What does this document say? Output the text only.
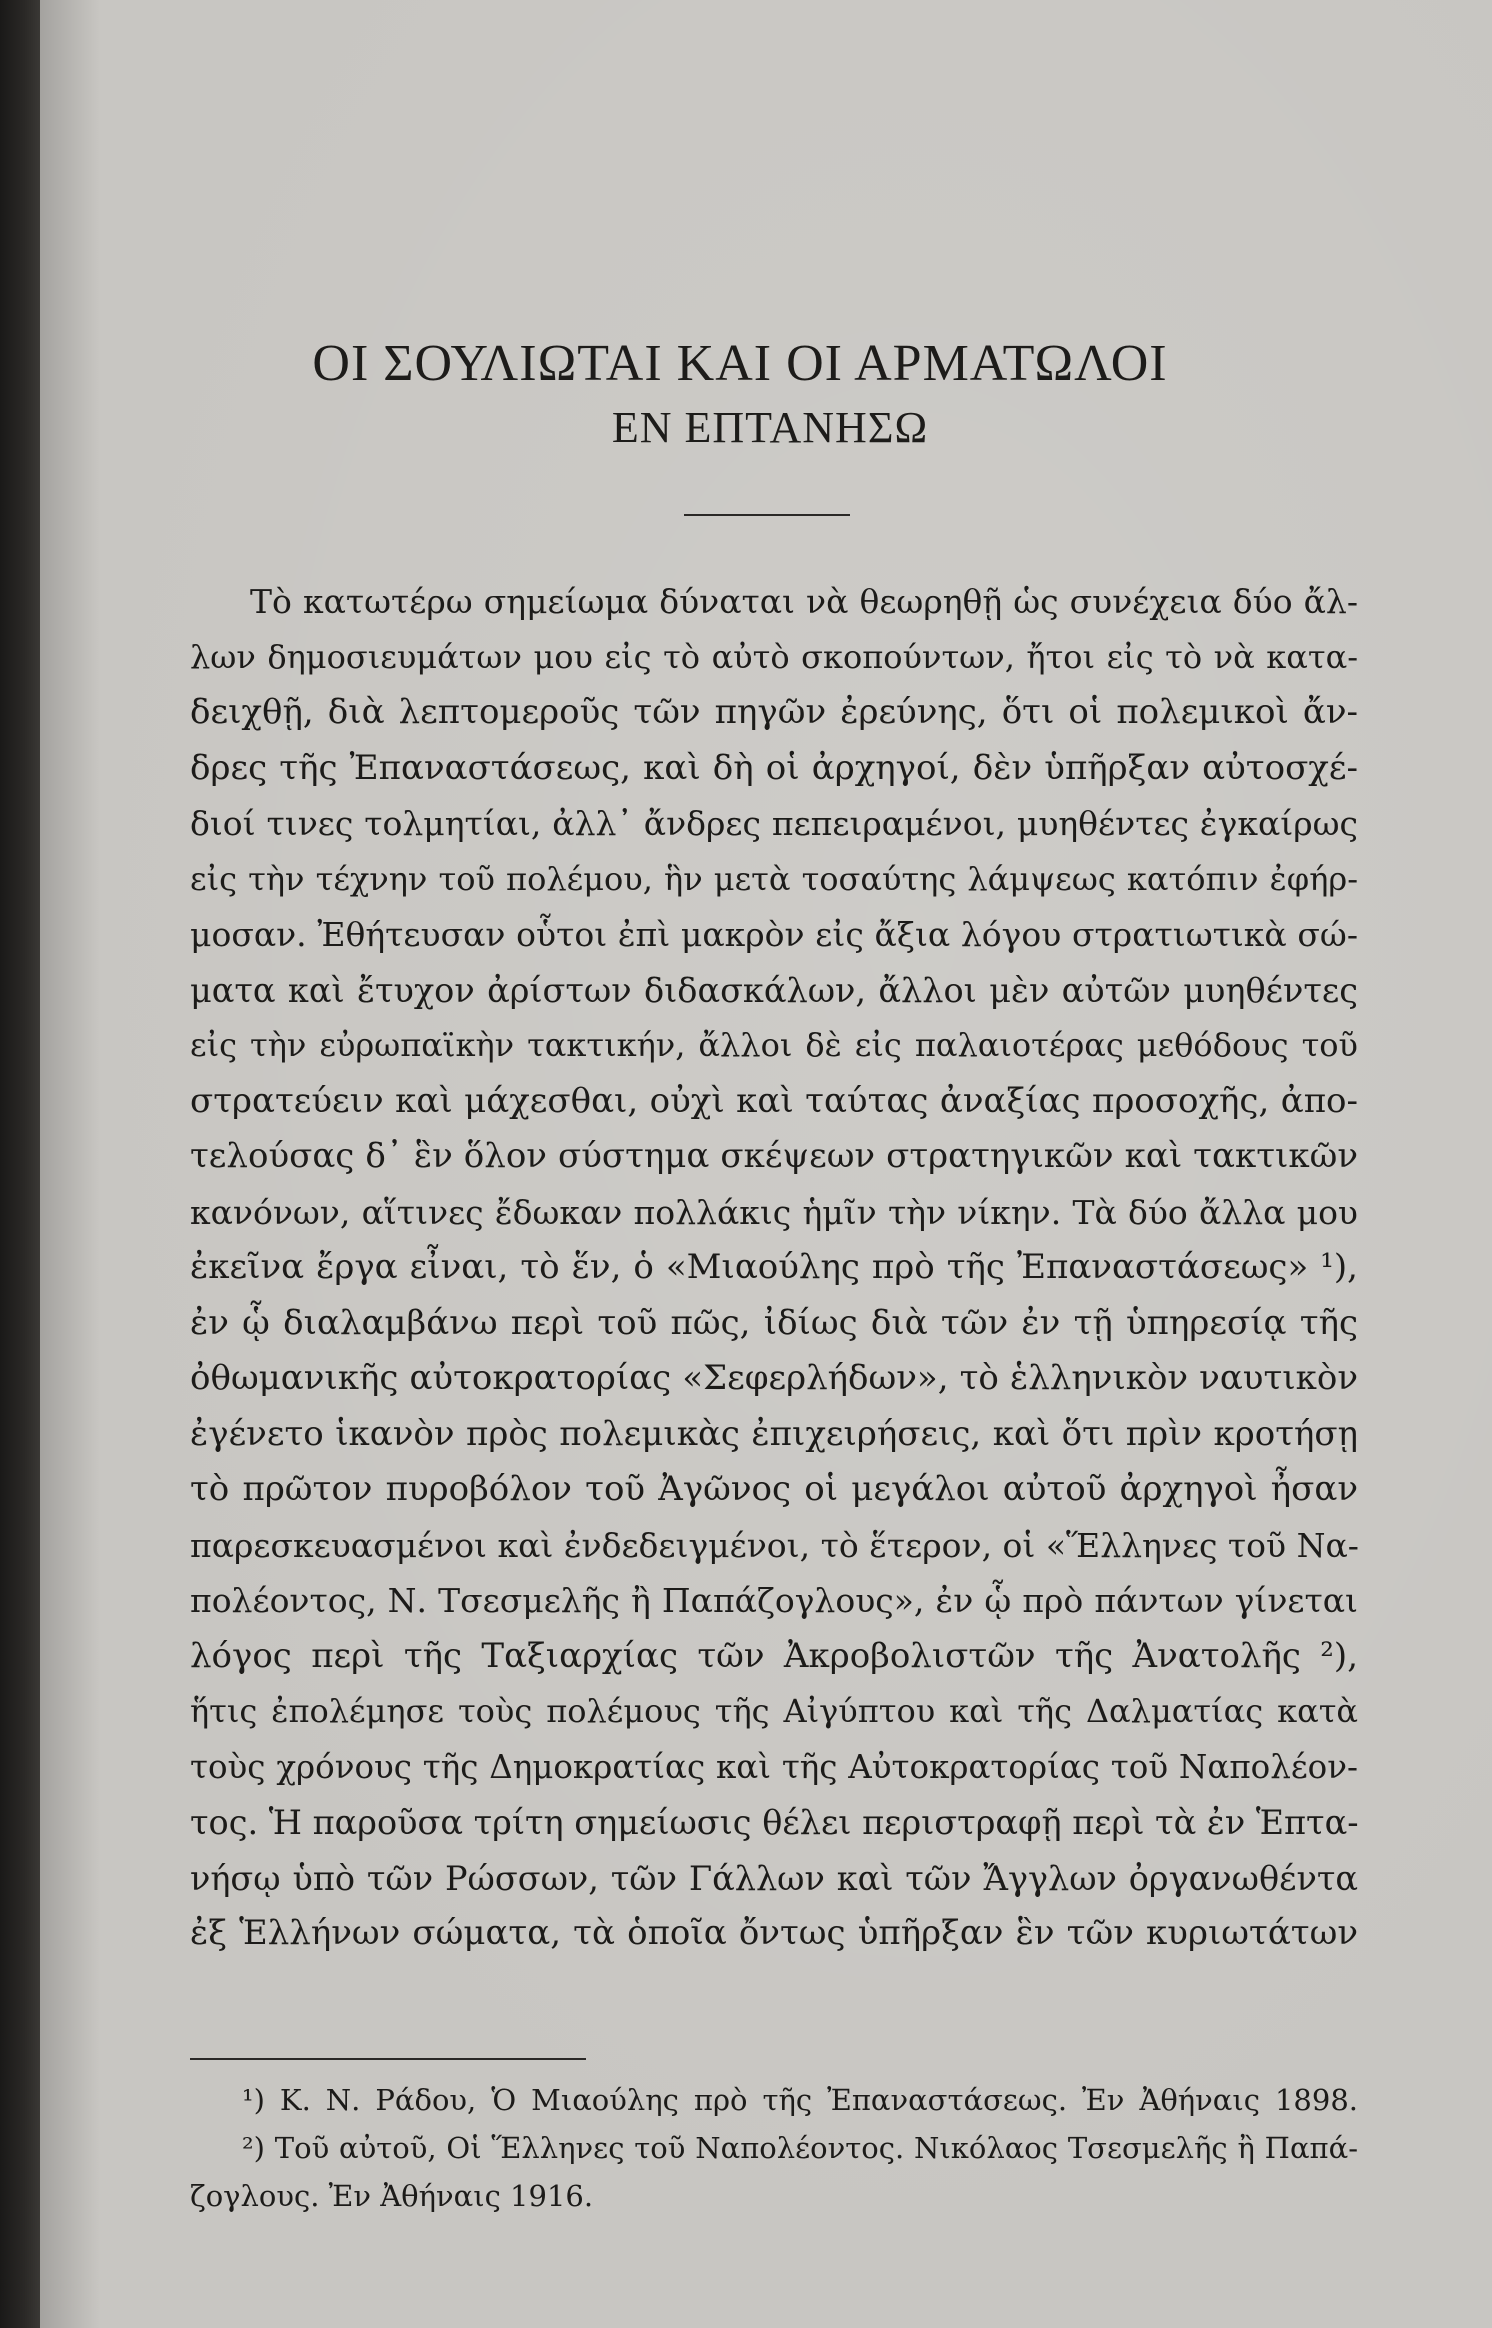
ΟΙ ΣΟΥΛΙΩΤΑΙ ΚΑΙ ΟΙ ΑΡΜΑΤΩΛΟΙ
ΕΝ ΕΠΤΑΝΗΣΩ
Τὸ κατωτέρω σημείωμα δύναται νὰ θεωρηθῇ ὡς συνέχεια δύο ἄλ-
λων δημοσιευμάτων μου εἰς τὸ αὐτὸ σκοπούντων, ἤτοι εἰς τὸ νὰ κατα-
δειχθῇ, διὰ λεπτομεροῦς τῶν πηγῶν ἐρεύνης, ὅτι οἱ πολεμικοὶ ἄν-
δρες τῆς Ἐπαναστάσεως, καὶ δὴ οἱ ἀρχηγοί, δὲν ὑπῆρξαν αὐτοσχέ-
διοί τινες τολμητίαι, ἀλλ᾽ ἄνδρες πεπειραμένοι, μυηθέντες ἐγκαίρως
εἰς τὴν τέχνην τοῦ πολέμου, ἣν μετὰ τοσαύτης λάμψεως κατόπιν ἐφήρ-
μοσαν. Ἐθήτευσαν οὗτοι ἐπὶ μακρὸν εἰς ἄξια λόγου στρατιωτικὰ σώ-
ματα καὶ ἔτυχον ἀρίστων διδασκάλων, ἄλλοι μὲν αὐτῶν μυηθέντες
εἰς τὴν εὐρωπαϊκὴν τακτικήν, ἄλλοι δὲ εἰς παλαιοτέρας μεθόδους τοῦ
στρατεύειν καὶ μάχεσθαι, οὐχὶ καὶ ταύτας ἀναξίας προσοχῆς, ἀπο-
τελούσας δ᾽ ἓν ὅλον σύστημα σκέψεων στρατηγικῶν καὶ τακτικῶν
κανόνων, αἵτινες ἔδωκαν πολλάκις ἡμῖν τὴν νίκην. Τὰ δύο ἄλλα μου
ἐκεῖνα ἔργα εἶναι, τὸ ἕν, ὁ «Μιαούλης πρὸ τῆς Ἐπαναστάσεως» ¹),
ἐν ᾧ διαλαμβάνω περὶ τοῦ πῶς, ἰδίως διὰ τῶν ἐν τῇ ὑπηρεσίᾳ τῆς
ὀθωμανικῆς αὐτοκρατορίας «Σεφερλήδων», τὸ ἑλληνικὸν ναυτικὸν
ἐγένετο ἱκανὸν πρὸς πολεμικὰς ἐπιχειρήσεις, καὶ ὅτι πρὶν κροτήσῃ
τὸ πρῶτον πυροβόλον τοῦ Ἀγῶνος οἱ μεγάλοι αὐτοῦ ἀρχηγοὶ ἦσαν
παρεσκευασμένοι καὶ ἐνδεδειγμένοι, τὸ ἕτερον, οἱ «Ἕλληνες τοῦ Να-
πολέοντος, Ν. Τσεσμελῆς ἢ Παπάζογλους», ἐν ᾧ πρὸ πάντων γίνεται
λόγος περὶ τῆς Ταξιαρχίας τῶν Ἀκροβολιστῶν τῆς Ἀνατολῆς ²),
ἥτις ἐπολέμησε τοὺς πολέμους τῆς Αἰγύπτου καὶ τῆς Δαλματίας κατὰ
τοὺς χρόνους τῆς Δημοκρατίας καὶ τῆς Αὐτοκρατορίας τοῦ Ναπολέον-
τος. Ἡ παροῦσα τρίτη σημείωσις θέλει περιστραφῇ περὶ τὰ ἐν Ἑπτα-
νήσῳ ὑπὸ τῶν Ρώσσων, τῶν Γάλλων καὶ τῶν Ἄγγλων ὀργανωθέντα
ἐξ Ἑλλήνων σώματα, τὰ ὁποῖα ὄντως ὑπῆρξαν ἓν τῶν κυριωτάτων
¹) Κ. Ν. Ράδου, Ὁ Μιαούλης πρὸ τῆς Ἐπαναστάσεως. Ἐν Ἀθήναις 1898.
²) Τοῦ αὐτοῦ, Οἱ Ἕλληνες τοῦ Ναπολέοντος. Νικόλαος Τσεσμελῆς ἢ Παπά-
ζογλους. Ἐν Ἀθήναις 1916.
